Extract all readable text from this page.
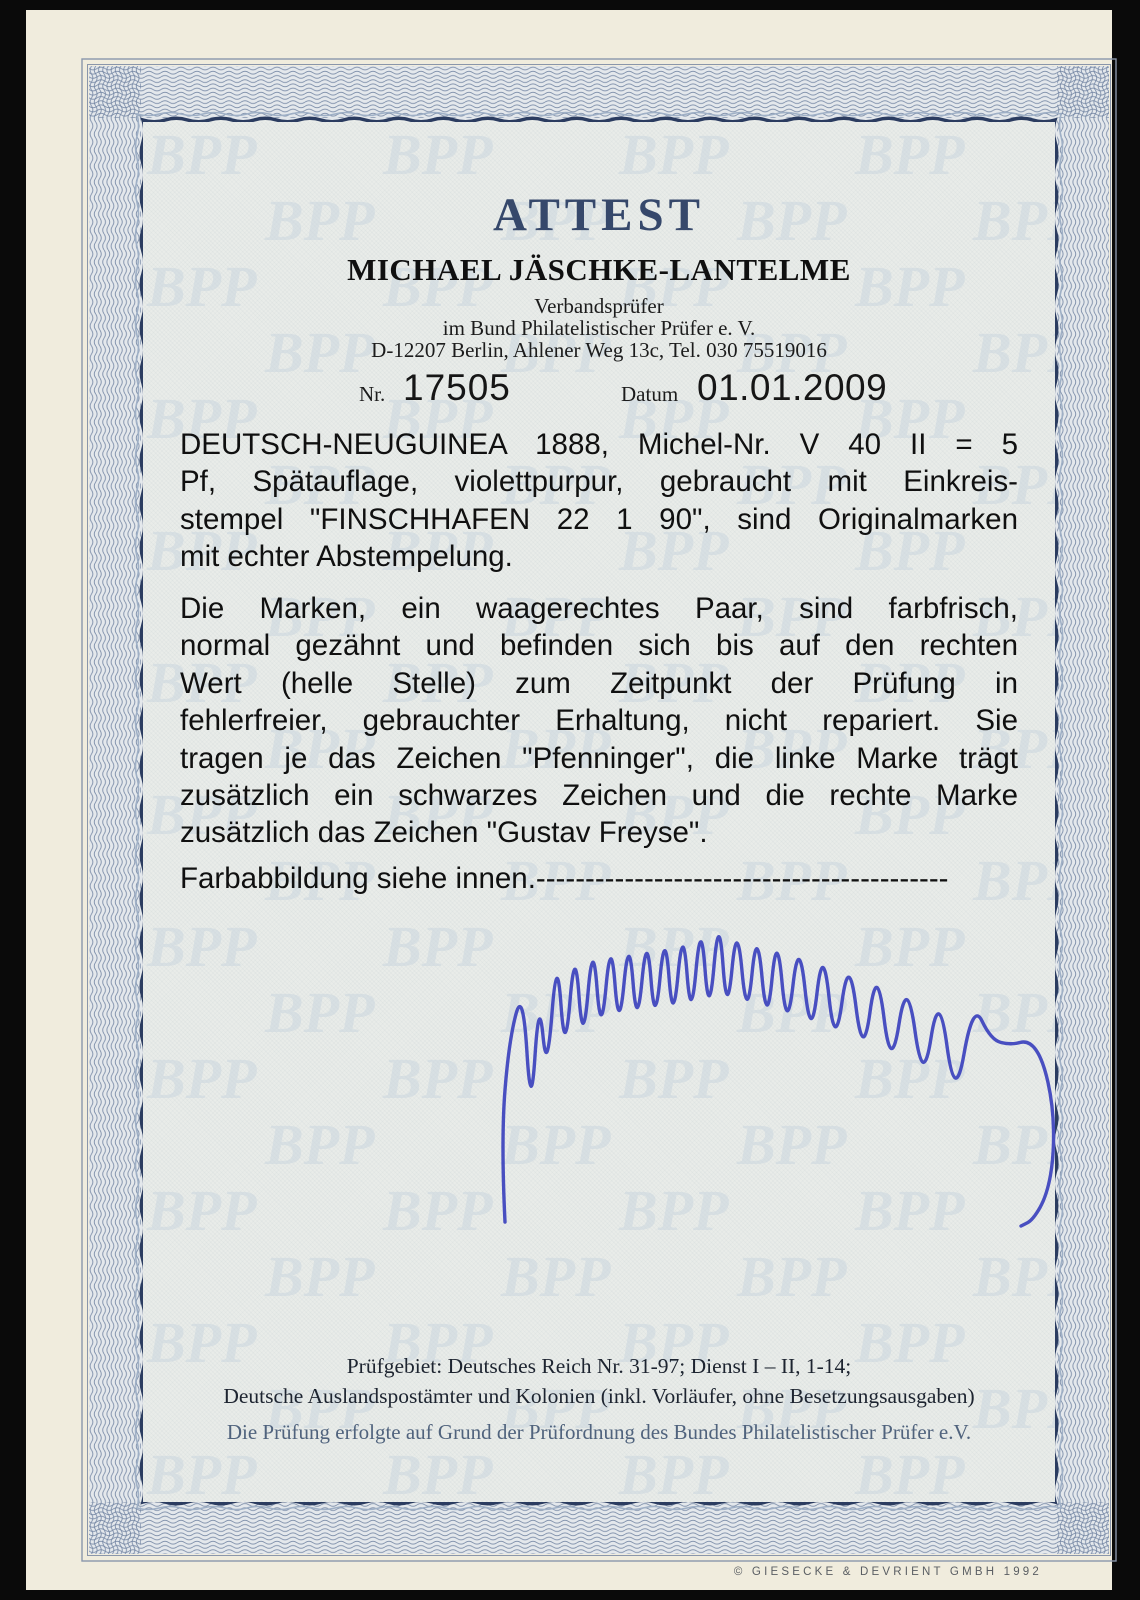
ATTEST
MICHAEL JÄSCHKE-LANTELME
Verbandsprüfer
im Bund Philatelistischer Prüfer e. V.
D-12207 Berlin, Ahlener Weg 13c, Tel. 030 75519016
Nr. 17505	Datum 01.01.2009
DEUTSCH-NEUGUINEA 1888, Michel-Nr. V 40 II = 5
Pf, Spätauflage, violettpurpur, gebraucht mit Einkreis-
stempel "FINSCHHAFEN 22 1 90", sind Originalmarken
mit echter Abstempelung.
Die Marken, ein waagerechtes Paar, sind farbfrisch,
normal gezähnt und befinden sich bis auf den rechten
Wert (helle Stelle) zum Zeitpunkt der Prüfung in
fehlerfreier, gebrauchter Erhaltung, nicht repariert. Sie
tragen je das Zeichen "Pfenninger", die linke Marke trägt
zusätzlich ein schwarzes Zeichen und die rechte Marke
zusätzlich das Zeichen "Gustav Freyse".
Farbabbildung siehe innen.------------------------------------------
Prüfgebiet: Deutsches Reich Nr. 31-97; Dienst I – II, 1-14;
Deutsche Auslandspostämter und Kolonien (inkl. Vorläufer, ohne Besetzungsausgaben)
Die Prüfung erfolgte auf Grund der Prüfordnung des Bundes Philatelistischer Prüfer e.V.
© GIESECKE & DEVRIENT GMBH 1992
